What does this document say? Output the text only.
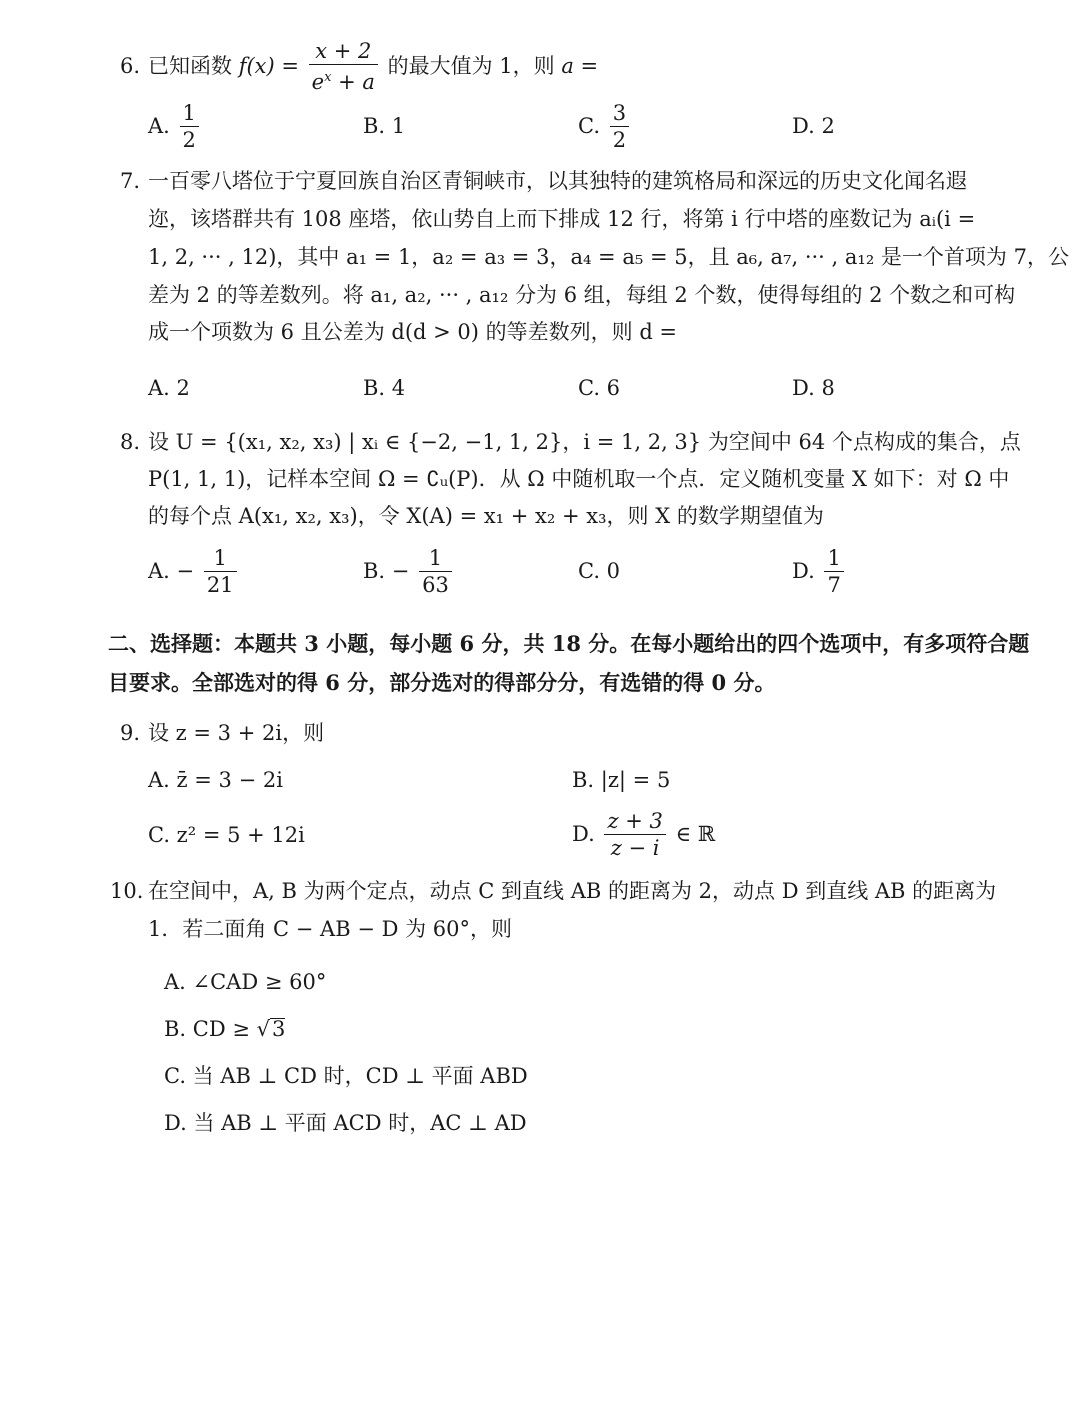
6. 已知函数 $f(x) = \frac{x + 2}{e^x + a}$ 的最大值为 1，则 a =
A. $\frac{1}{2}$	B. 1	C. $\frac{3}{2}$	D. 2
7. 一百零八塔位于宁夏回族自治区青铜峡市，以其独特的建筑格局和深远的历史文化闻名遐
迩，该塔群共有 108 座塔，依山势自上而下排成 12 行，将第 i 行中塔的座数记为 aᵢ(i =
1, 2, ··· , 12)，其中 a₁ = 1，a₂ = a₃ = 3，a₄ = a₅ = 5，且 a₆, a₇, ··· , a₁₂ 是一个首项为 7，公
差为 2 的等差数列。将 a₁, a₂, ··· , a₁₂ 分为 6 组，每组 2 个数，使得每组的 2 个数之和可构
成一个项数为 6 且公差为 d(d > 0) 的等差数列，则 d =
A. 2	B. 4	C. 6	D. 8
8. 设 U = {(x₁, x₂, x₃) | xᵢ ∈ {−2, −1, 1, 2}，i = 1, 2, 3} 为空间中 64 个点构成的集合，点
P(1, 1, 1)，记样本空间 Ω = ∁ᵤ(P)．从 Ω 中随机取一个点．定义随机变量 X 如下：对 Ω 中
的每个点 A(x₁, x₂, x₃)，令 X(A) = x₁ + x₂ + x₃，则 X 的数学期望值为
A. − $\frac{1}{21}$	B. − $\frac{1}{63}$	C. 0	D. $\frac{1}{7}$
二、选择题：本题共 3 小题，每小题 6 分，共 18 分。在每小题给出的四个选项中，有多项符合题
目要求。全部选对的得 6 分，部分选对的得部分分，有选错的得 0 分。
9. 设 z = 3 + 2i，则
A. z̄ = 3 − 2i	B. |z| = 5
C. z² = 5 + 12i	D. $\frac{z + 3}{z - i}$ ∈ ℝ
10. 在空间中，A, B 为两个定点，动点 C 到直线 AB 的距离为 2，动点 D 到直线 AB 的距离为
1．若二面角 C − AB − D 为 60°，则
A. ∠CAD ≥ 60°
B. CD ≥ √3
C. 当 AB ⊥ CD 时，CD ⊥ 平面 ABD
D. 当 AB ⊥ 平面 ACD 时，AC ⊥ AD
